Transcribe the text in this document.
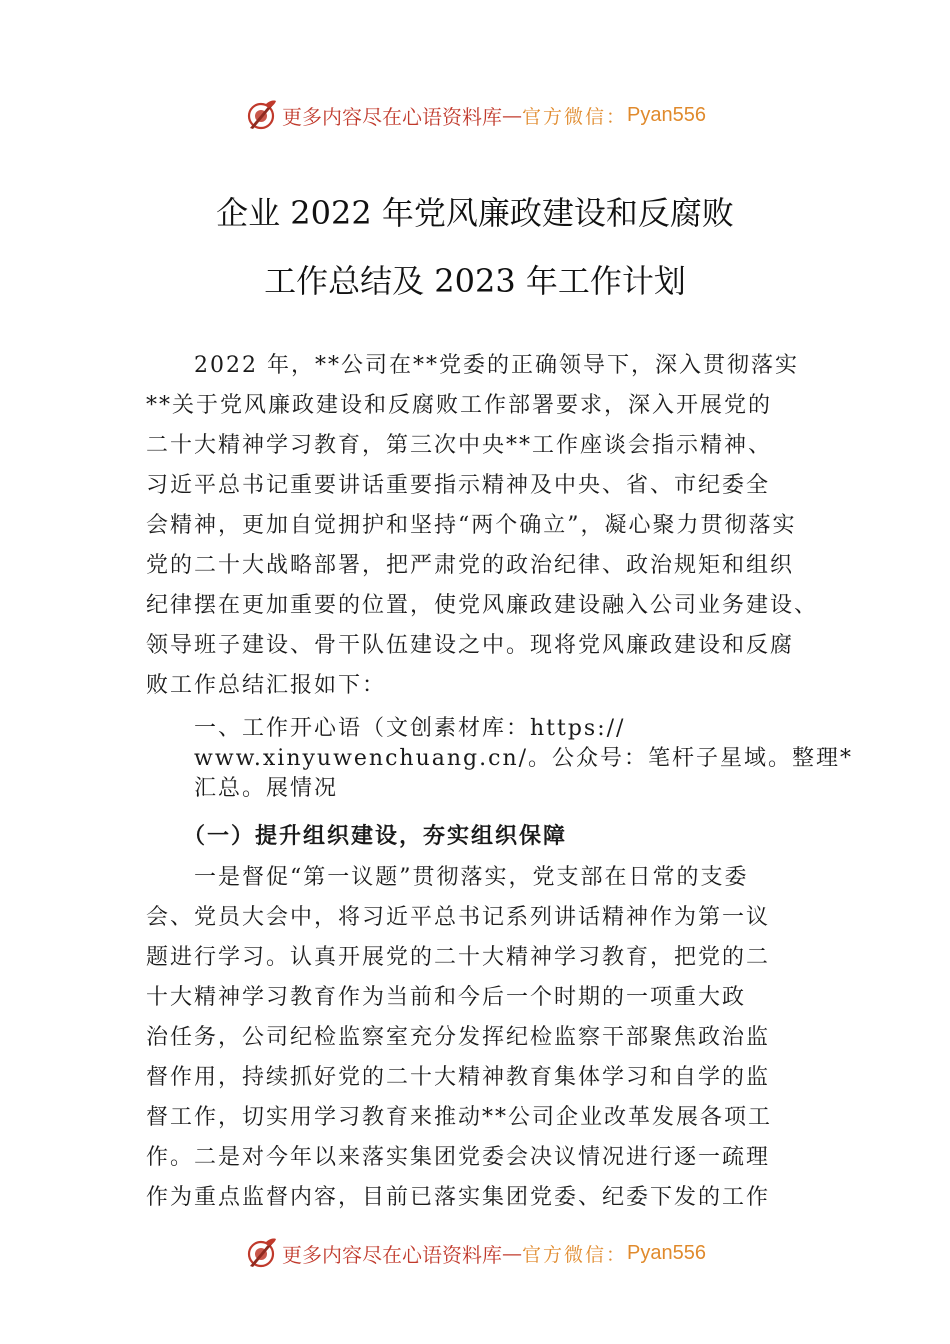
更多内容尽在心语资料库 — 官方微信： Pyan556
企业 2022 年党风廉政建设和反腐败
工作总结及 2023 年工作计划
　　2022 年，**公司在**党委的正确领导下，深入贯彻落实
**关于党风廉政建设和反腐败工作部署要求，深入开展党的
二十大精神学习教育，第三次中央**工作座谈会指示精神、
习近平总书记重要讲话重要指示精神及中央、省、市纪委全
会精神，更加自觉拥护和坚持“两个确立”，凝心聚力贯彻落实
党的二十大战略部署，把严肃党的政治纪律、政治规矩和组织
纪律摆在更加重要的位置，使党风廉政建设融入公司业务建设、
领导班子建设、骨干队伍建设之中。现将党风廉政建设和反腐
败工作总结汇报如下：
　　一、工作开心语（文创素材库：https://
　　www.xinyuwenchuang.cn/。公众号：笔杆子星域。整理*
　　汇总。展情况
　　（一）提升组织建设，夯实组织保障
　　一是督促“第一议题”贯彻落实，党支部在日常的支委
会、党员大会中，将习近平总书记系列讲话精神作为第一议
题进行学习。认真开展党的二十大精神学习教育，把党的二
十大精神学习教育作为当前和今后一个时期的一项重大政
治任务，公司纪检监察室充分发挥纪检监察干部聚焦政治监
督作用，持续抓好党的二十大精神教育集体学习和自学的监
督工作，切实用学习教育来推动**公司企业改革发展各项工
作。二是对今年以来落实集团党委会决议情况进行逐一疏理
作为重点监督内容，目前已落实集团党委、纪委下发的工作
更多内容尽在心语资料库 — 官方微信： Pyan556
